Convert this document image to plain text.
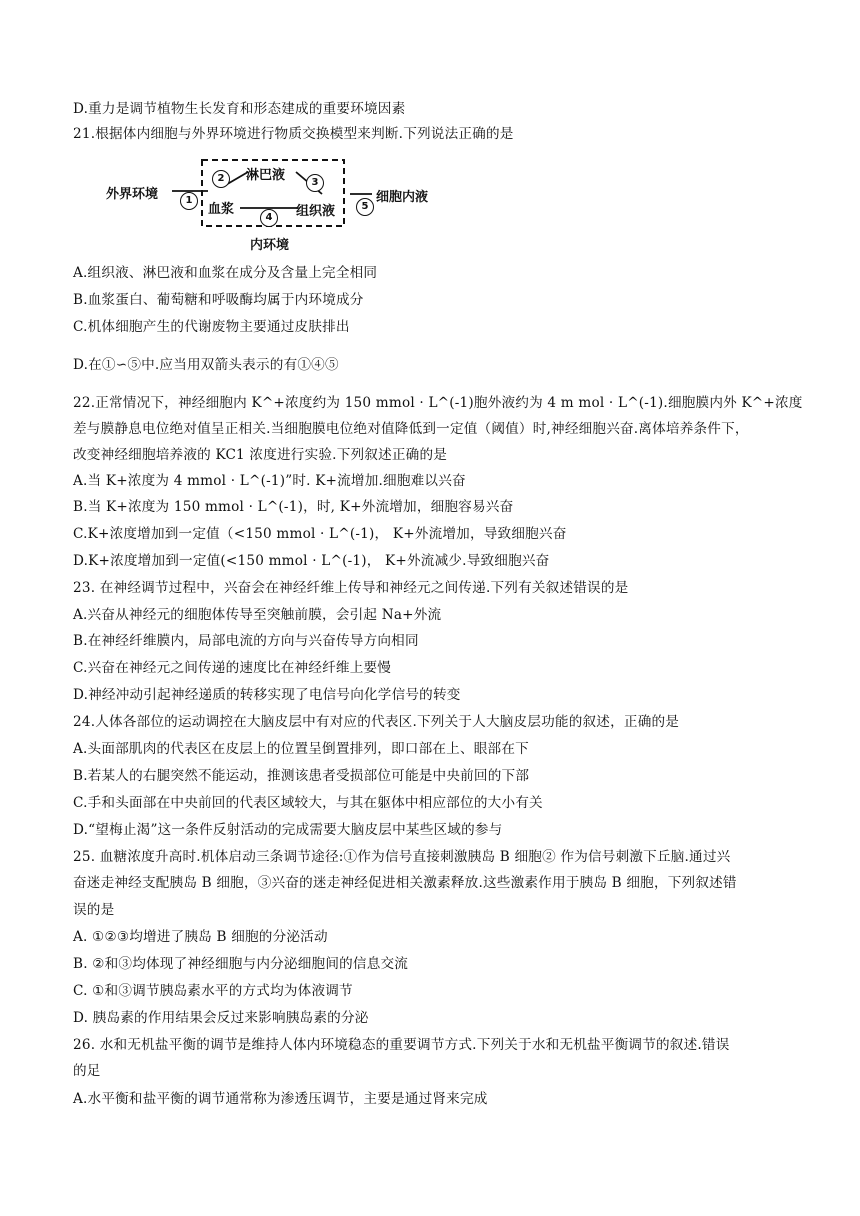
D.重力是调节植物生长发育和形态建成的重要环境因素
21.根据体内细胞与外界环境进行物质交换模型来判断.下列说法正确的是
外界环境
淋巴液
血浆	组织液
细胞内液
内环境
1
2	3
4
5
A.组织液、淋巴液和血浆在成分及含量上完全相同
B.血浆蛋白、葡萄糖和呼吸酶均属于内环境成分
C.机体细胞产生的代谢废物主要通过皮肤排出
D.在①∽⑤中.应当用双箭头表示的有①④⑤
22.正常情况下，神经细胞内 K^+浓度约为 150 mmol · L^(-1)胞外液约为 4 m mol · L^(-1).细胞膜内外 K^+浓度
差与膜静息电位绝对值呈正相关.当细胞膜电位绝对值降低到一定值（阈值）时,神经细胞兴奋.离体培养条件下，
改变神经细胞培养液的 KC1 浓度进行实验.下列叙述正确的是
A.当 K+浓度为 4 mmol · L^(-1)”时. K+流增加.细胞难以兴奋
B.当 K+浓度为 150 mmol · L^(-1)，时, K+外流增加，细胞容易兴奋
C.K+浓度增加到一定值（<150 mmol · L^(-1)， K+外流增加，导致细胞兴奋
D.K+浓度增加到一定值(<150 mmol · L^(-1)， K+外流减少.导致细胞兴奋
23. 在神经调节过程中，兴奋会在神经纤维上传导和神经元之间传递.下列有关叙述错误的是
A.兴奋从神经元的细胞体传导至突触前膜，会引起 Na+外流
B.在神经纤维膜内，局部电流的方向与兴奋传导方向相同
C.兴奋在神经元之间传递的速度比在神经纤维上要慢
D.神经冲动引起神经递质的转移实现了电信号向化学信号的转变
24.人体各部位的运动调控在大脑皮层中有对应的代表区.下列关于人大脑皮层功能的叙述，正确的是
A.头面部肌肉的代表区在皮层上的位置呈倒置排列，即口部在上、眼部在下
B.若某人的右腿突然不能运动，推测该患者受损部位可能是中央前回的下部
C.手和头面部在中央前回的代表区域较大，与其在躯体中相应部位的大小有关
D.“望梅止渴”这一条件反射活动的完成需要大脑皮层中某些区域的参与
25. 血糖浓度升高时.机体启动三条调节途径:①作为信号直接刺激胰岛 B 细胞② 作为信号刺激下丘脑.通过兴
奋迷走神经支配胰岛 B 细胞，③兴奋的迷走神经促进相关激素释放.这些激素作用于胰岛 B 细胞，下列叙述错
误的是
A. ①②③均增进了胰岛 B 细胞的分泌活动
B. ②和③均体现了神经细胞与内分泌细胞间的信息交流
C. ①和③调节胰岛素水平的方式均为体液调节
D. 胰岛素的作用结果会反过来影响胰岛素的分泌
26. 水和无机盐平衡的调节是维持人体内环境稳态的重要调节方式.下列关于水和无机盐平衡调节的叙述.错误
的足
A.水平衡和盐平衡的调节通常称为渗透压调节，主要是通过肾来完成
